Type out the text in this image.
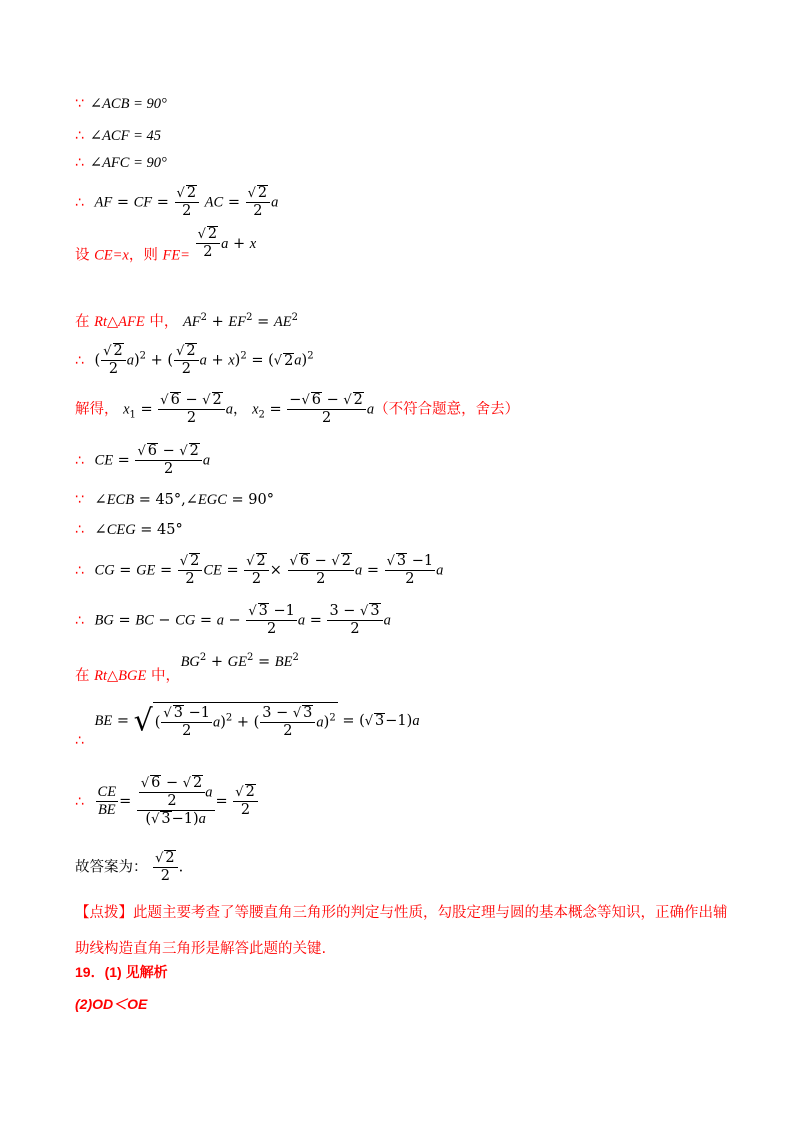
∵ ∠ACB = 90°
∴ ∠ACF = 45
∴ ∠AFC = 90°
∴ AF = CF = $\frac{√ 2}{2}$ AC = $\frac{√ 2}{2}$ a
设 CE=x，则 $FE= \frac{√ 2}{2}$ a + x
在 Rt△AFE 中， $AF^2 + EF^2 = AE^2$
∴ ( $\frac{√ 2}{2} a)^2$ + ( $\frac{√ 2}{2}$ a + x)$^2$ = (√ 2a)$^2$
解得， $x_1 = \frac{√ 6 - √ 2}{2}$ a， $x_2 = \frac{-√ 6 - √ 2}{2} a$（不符合题意，舍去）
∴ CE = $\frac{√ 6 - √ 2}{2}$ a
∵ ∠ECB = 45°,∠EGC = 90°
∴ ∠CEG = 45°
∴ CG = GE = $\frac{√ 2}{2}$ CE = $\frac{√ 2}{2} \times \frac{√ 6 - √ 2}{2}$ $a = \frac{√ 3 -1}{2}$ a
∴ BG = BC − CG = $a - \frac{√ 3 -1}{2}$ $a = \frac{3 - √ 3}{2}$ a
在 Rt△BGE 中， $BG^2 + GE^2 = BE^2$
∴ BE = √ ( $\frac{√ 3 -1}{2} a)^2$ + ( $\frac{3 - √ 3}{2} a)^2$ = (√ 3−1)a
∴ $\frac{CE}{BE} = \frac{\frac{√ 6 - √ 2}{2} a}{(√ 3-1)a} = \frac{√ 2}{2}$
故答案为： $\frac{√ 2}{2}$ .
【点拨】此题主要考查了等腰直角三角形的判定与性质，勾股定理与圆的基本概念等知识，正确作出辅助线构造直角三角形是解答此题的关键.
19．(1) 见解析
(2)OD＜OE
